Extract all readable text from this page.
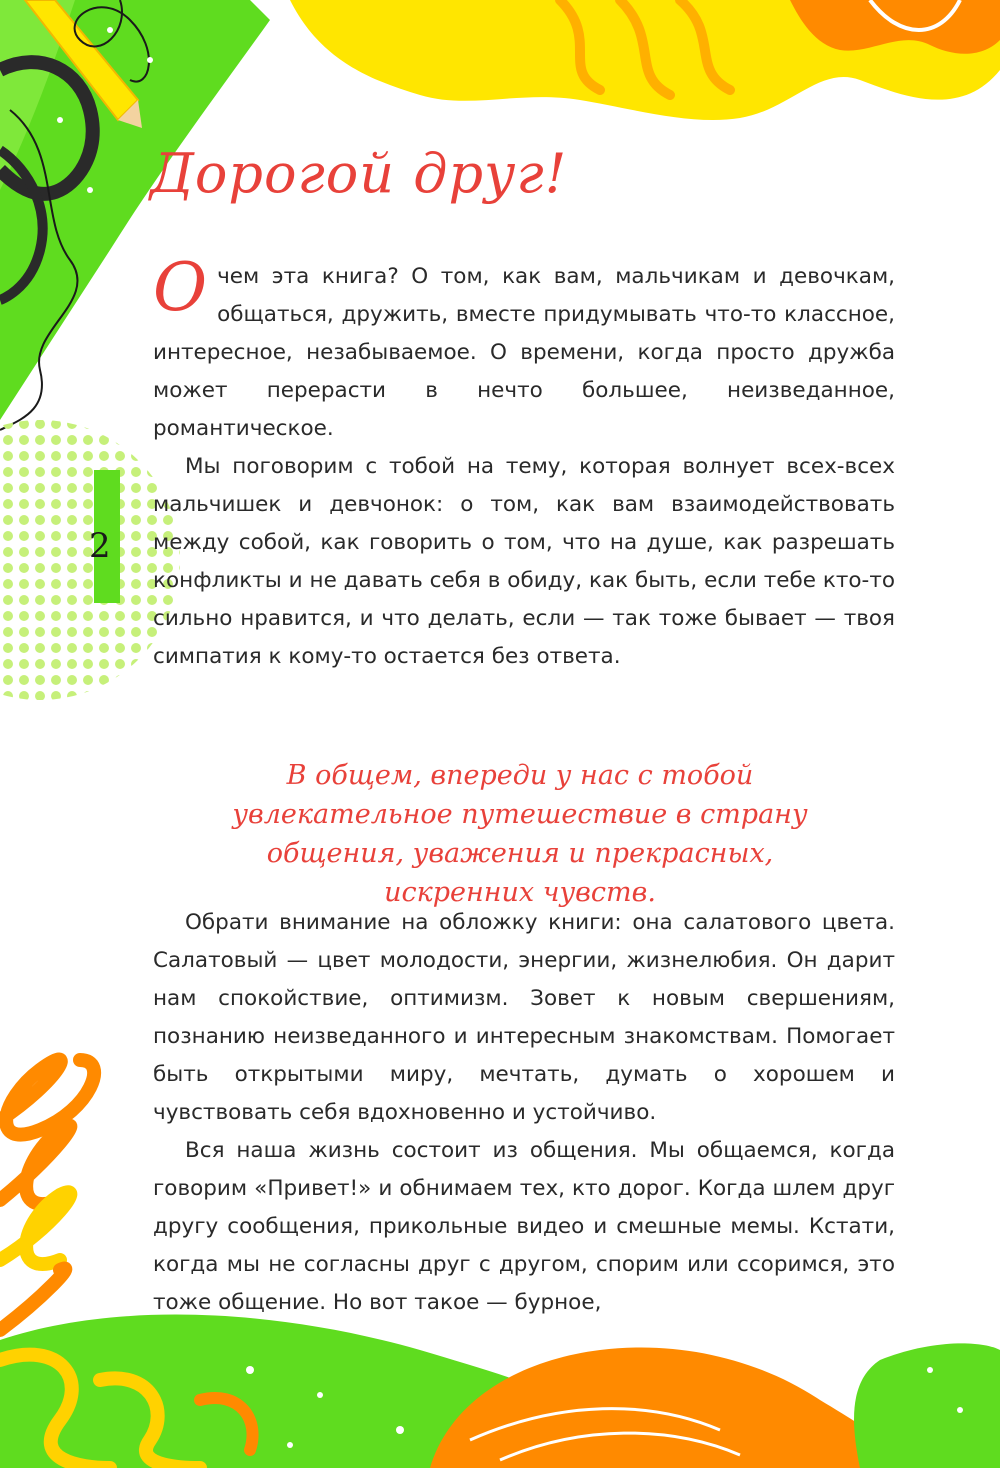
2
Дорогой друг!

Очем эта книга? О том, как вам, мальчикам и девочкам, общаться, дружить, вместе придумывать что-то классное, интересное, незабываемое. О времени, когда просто дружба может перерасти в нечто большее, неизведанное, романтическое.

Мы поговорим с тобой на тему, которая волнует всех-всех мальчишек и девчонок: о том, как вам взаимодействовать между собой, как говорить о том, что на душе, как разрешать конфликты и не давать себя в обиду, как быть, если тебе кто-то сильно нравится, и что делать, если — так тоже бывает — твоя симпатия к кому-то остается без ответа.

В общем, впереди у нас с тобой увлекательное путешествие в страну общения, уважения и прекрасных, искренних чувств.

Обрати внимание на обложку книги: она салатового цвета. Салатовый — цвет молодости, энергии, жизнелюбия. Он дарит нам спокойствие, оптимизм. Зовет к новым свершениям, познанию неизведанного и интересным знакомствам. Помогает быть открытыми миру, мечтать, думать о хорошем и чувствовать себя вдохновенно и устойчиво.

Вся наша жизнь состоит из общения. Мы общаемся, когда говорим «Привет!» и обнимаем тех, кто дорог. Когда шлем друг другу сообщения, прикольные видео и смешные мемы. Кстати, когда мы не согласны друг с другом, спорим или ссоримся, это тоже общение. Но вот такое — бурное,
